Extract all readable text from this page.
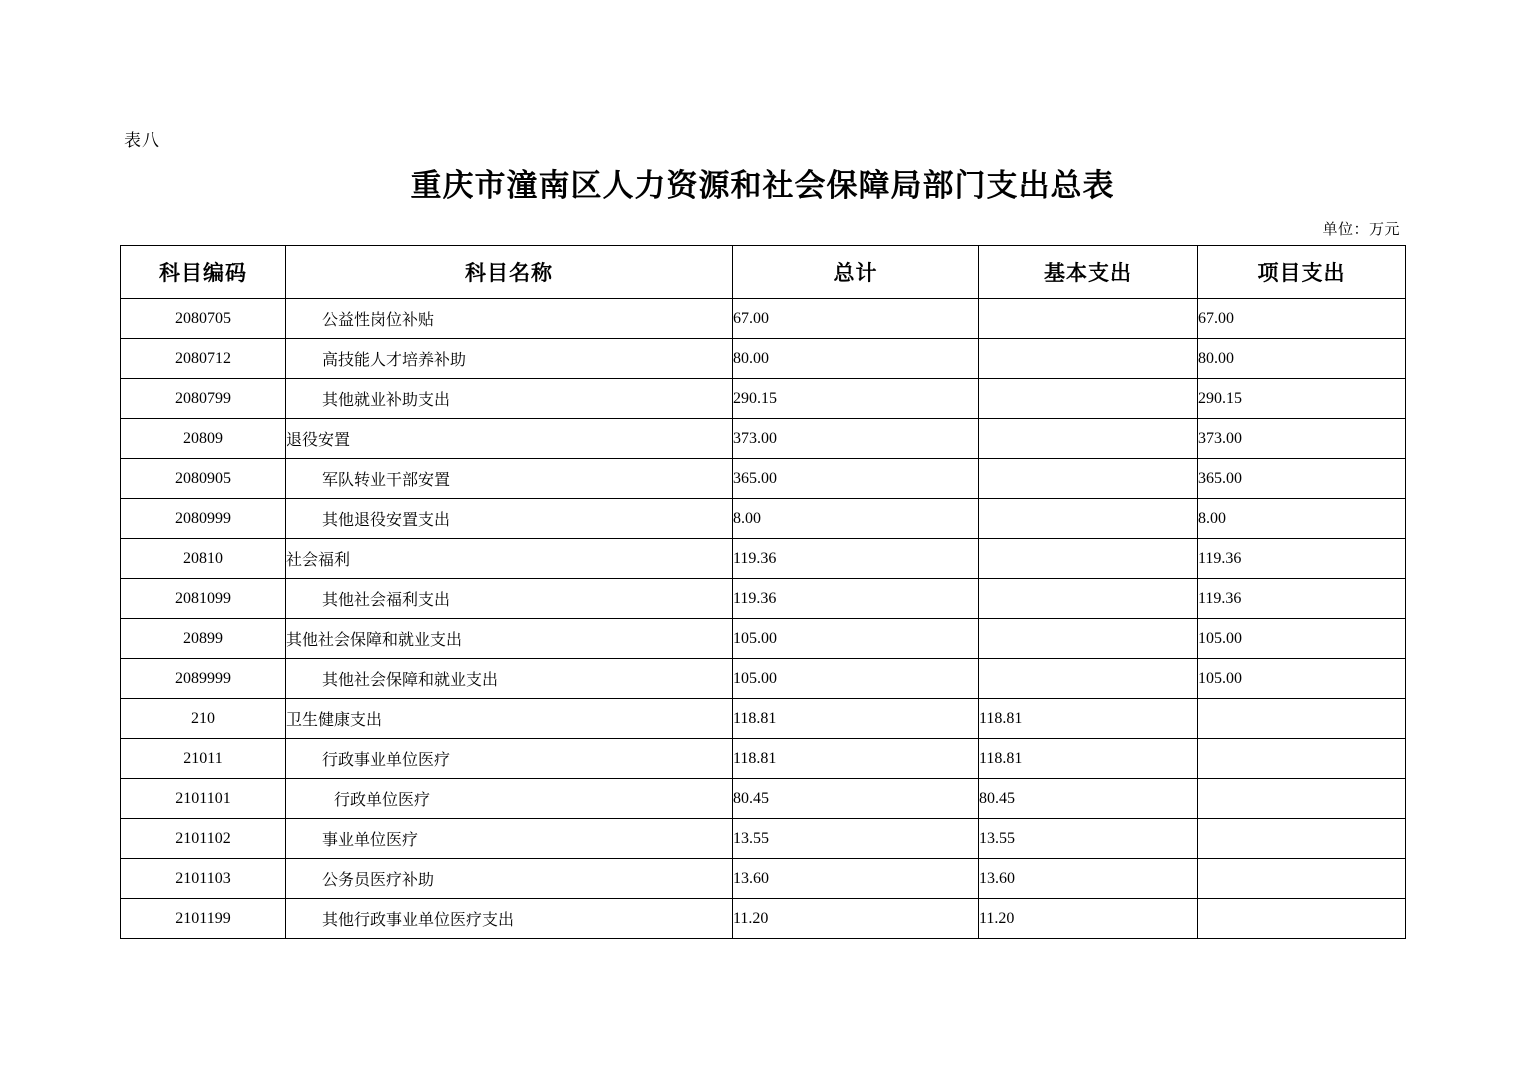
表八
重庆市潼南区人力资源和社会保障局部门支出总表
单位：万元
科目编码	科目名称	总计	基本支出	项目支出
2080705	公益性岗位补贴	67.00		67.00
2080712	高技能人才培养补助	80.00		80.00
2080799	其他就业补助支出	290.15		290.15
20809	退役安置	373.00		373.00
2080905	军队转业干部安置	365.00		365.00
2080999	其他退役安置支出	8.00		8.00
20810	社会福利	119.36		119.36
2081099	其他社会福利支出	119.36		119.36
20899	其他社会保障和就业支出	105.00		105.00
2089999	其他社会保障和就业支出	105.00		105.00
210	卫生健康支出	118.81	118.81	
21011	行政事业单位医疗	118.81	118.81	
2101101	行政单位医疗	80.45	80.45	
2101102	事业单位医疗	13.55	13.55	
2101103	公务员医疗补助	13.60	13.60	
2101199	其他行政事业单位医疗支出	11.20	11.20	
